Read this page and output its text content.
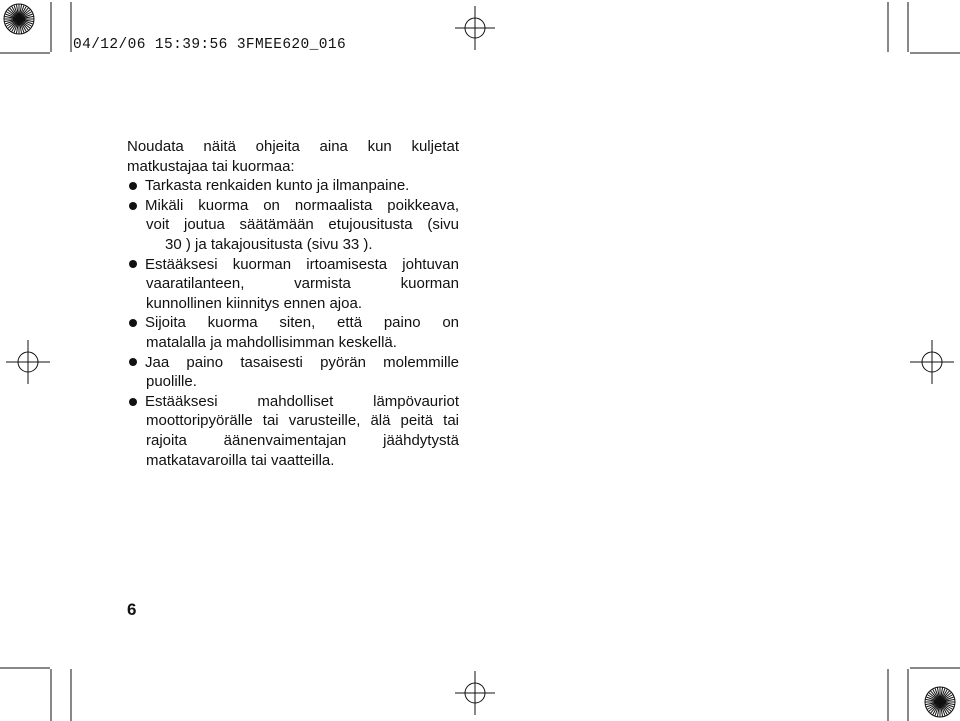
04/12/06 15:39:56 3FMEE620_016
Noudata näitä ohjeita aina kun kuljetat
matkustajaa tai kuormaa:
Tarkasta renkaiden kunto ja ilmanpaine.
Mikäli kuorma on normaalista poikkeava,
voit joutua säätämään etujousitusta (sivu
30 ) ja takajousitusta (sivu 33 ).
Estääksesi kuorman irtoamisesta johtuvan
vaaratilanteen, varmista kuorman
kunnollinen kiinnitys ennen ajoa.
Sijoita kuorma siten, että paino on
matalalla ja mahdollisimman keskellä.
Jaa paino tasaisesti pyörän molemmille
puolille.
Estääksesi mahdolliset lämpövauriot
moottoripyörälle tai varusteille, älä peitä tai
rajoita äänenvaimentajan jäähdytystä
matkatavaroilla tai vaatteilla.
6
